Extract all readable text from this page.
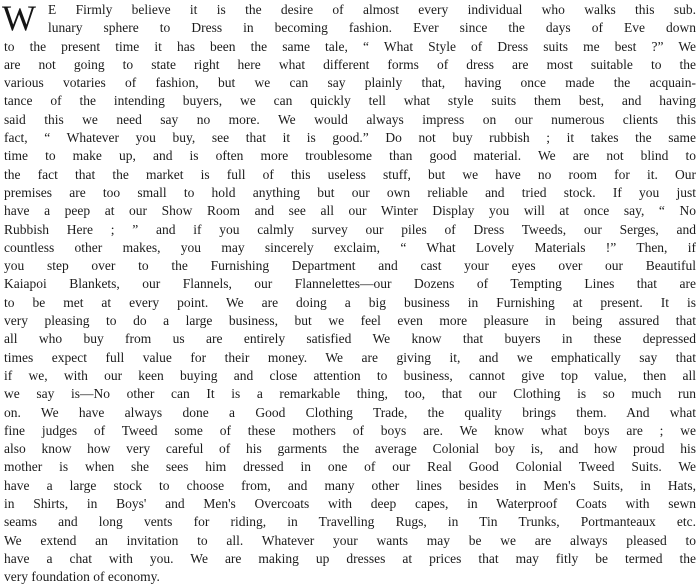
W E Firmly believe it is the desire of almost every individual who walks this sub.
lunary sphere to Dress in becoming fashion. Ever since the days of Eve down
to the present time it has been the same tale, “ What Style of Dress suits me best ?” We
are not going to state right here what different forms of dress are most suitable to the
various votaries of fashion, but we can say plainly that, having once made the acquain-
tance of the intending buyers, we can quickly tell what style suits them best, and having
said this we need say no more. We would always impress on our numerous clients this
fact, “ Whatever you buy, see that it is good.” Do not buy rubbish ; it takes the same
time to make up, and is often more troublesome than good material. We are not blind to
the fact that the market is full of this useless stuff, but we have no room for it. Our
premises are too small to hold anything but our own reliable and tried stock. If you just
have a peep at our Show Room and see all our Winter Display you will at once say, “ No
Rubbish Here ; ” and if you calmly survey our piles of Dress Tweeds, our Serges, and
countless other makes, you may sincerely exclaim, “ What Lovely Materials !” Then, if
you step over to the Furnishing Department and cast your eyes over our Beautiful
Kaiapoi Blankets, our Flannels, our Flannelettes—our Dozens of Tempting Lines that are
to be met at every point. We are doing a big business in Furnishing at present. It is
very pleasing to do a large business, but we feel even more pleasure in being assured that
all who buy from us are entirely satisfied We know that buyers in these depressed
times expect full value for their money. We are giving it, and we emphatically say that
if we, with our keen buying and close attention to business, cannot give top value, then all
we say is—No other can It is a remarkable thing, too, that our Clothing is so much run
on. We have always done a Good Clothing Trade, the quality brings them. And what
fine judges of Tweed some of these mothers of boys are. We know what boys are ; we
also know how very careful of his garments the average Colonial boy is, and how proud his
mother is when she sees him dressed in one of our Real Good Colonial Tweed Suits. We
have a large stock to choose from, and many other lines besides in Men's Suits, in Hats,
in Shirts, in Boys' and Men's Overcoats with deep capes, in Waterproof Coats with sewn
seams and long vents for riding, in Travelling Rugs, in Tin Trunks, Portmanteaux etc.
We extend an invitation to all. Whatever your wants may be we are always pleased to
have a chat with you. We are making up dresses at prices that may fitly be termed the
very foundation of economy.
